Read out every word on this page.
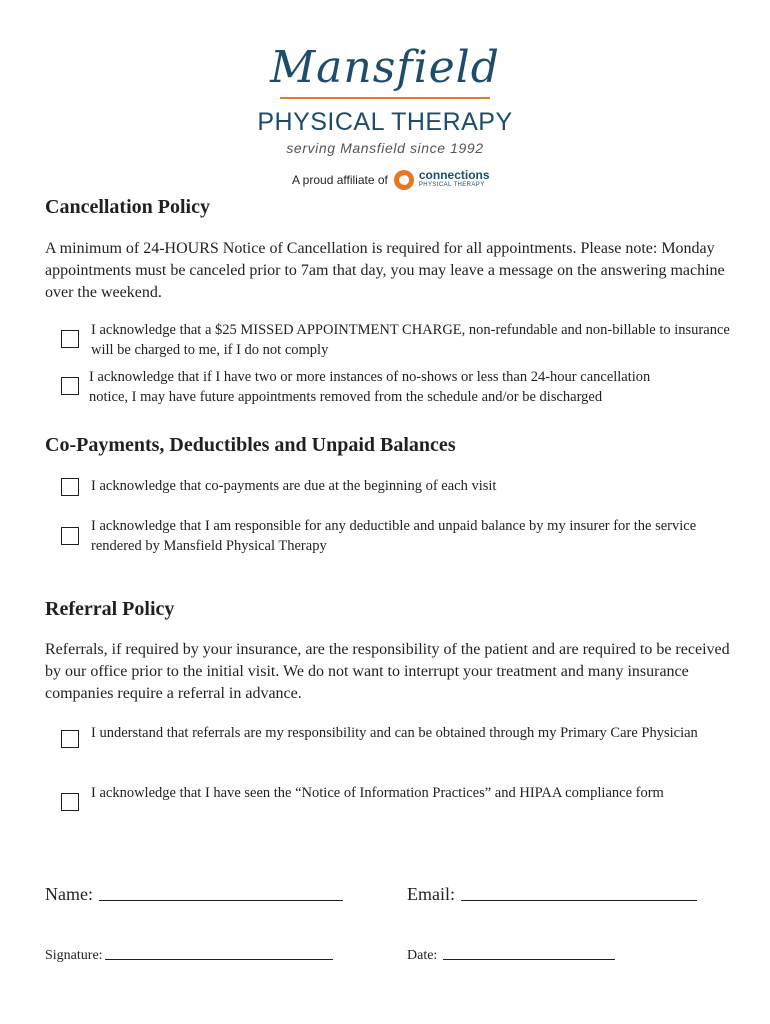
Mansfield
PHYSICAL THERAPY
serving Mansfield since 1992
A proud affiliate of	connections
PHYSICAL THERAPY
Cancellation Policy

A minimum of 24-HOURS Notice of Cancellation is required for all appointments. Please note: Monday appointments must be canceled prior to 7am that day, you may leave a message on the answering machine over the weekend.

I acknowledge that a $25 MISSED APPOINTMENT CHARGE, non-refundable and non-billable to insurance will be charged to me, if I do not comply

I acknowledge that if I have two or more instances of no-shows or less than 24-hour cancellation notice, I may have future appointments removed from the schedule and/or be discharged

Co-Payments, Deductibles and Unpaid Balances

I acknowledge that co-payments are due at the beginning of each visit

I acknowledge that I am responsible for any deductible and unpaid balance by my insurer for the service rendered by Mansfield Physical Therapy

Referral Policy

Referrals, if required by your insurance, are the responsibility of the patient and are required to be received by our office prior to the initial visit. We do not want to interrupt your treatment and many insurance companies require a referral in advance.

I understand that referrals are my responsibility and can be obtained through my Primary Care Physician

I acknowledge that I have seen the “Notice of Information Practices” and HIPAA compliance form

Name:	Email:
Signature:	Date:
